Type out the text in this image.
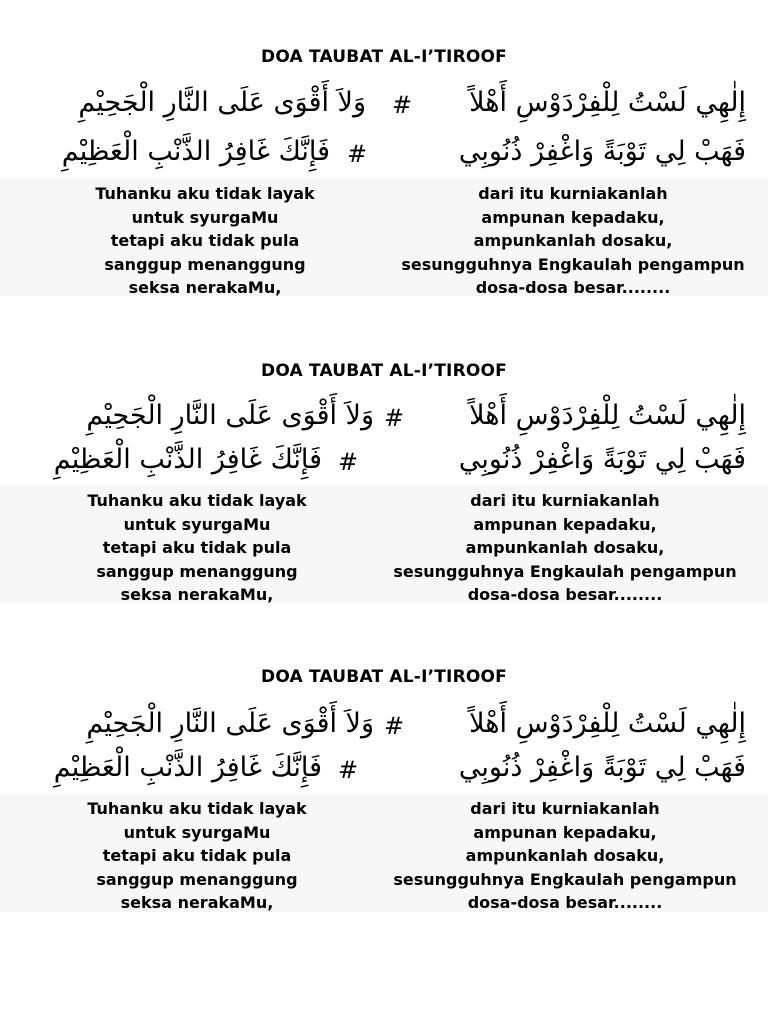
DOA TAUBAT AL-I’TIROOF
إِلٰهِي لَسْتُ لِلْفِرْدَوْسِ أَهْلاً
#
وَلاَ أَقْوَى عَلَى النَّارِ الْجَحِيْمِ
فَهَبْ لِي تَوْبَةً وَاغْفِرْ ذُنُوبِي
#
فَإِنَّكَ غَافِرُ الذَّنْبِ الْعَظِيْمِ
Tuhanku aku tidak layak
untuk syurgaMu
tetapi aku tidak pula
sanggup menanggung
seksa nerakaMu,
dari itu kurniakanlah
ampunan kepadaku,
ampunkanlah dosaku,
sesungguhnya Engkaulah pengampun
dosa-dosa besar........
DOA TAUBAT AL-I’TIROOF
إِلٰهِي لَسْتُ لِلْفِرْدَوْسِ أَهْلاً
#
وَلاَ أَقْوَى عَلَى النَّارِ الْجَحِيْمِ
فَهَبْ لِي تَوْبَةً وَاغْفِرْ ذُنُوبِي
#
فَإِنَّكَ غَافِرُ الذَّنْبِ الْعَظِيْمِ
Tuhanku aku tidak layak
untuk syurgaMu
tetapi aku tidak pula
sanggup menanggung
seksa nerakaMu,
dari itu kurniakanlah
ampunan kepadaku,
ampunkanlah dosaku,
sesungguhnya Engkaulah pengampun
dosa-dosa besar........
DOA TAUBAT AL-I’TIROOF
إِلٰهِي لَسْتُ لِلْفِرْدَوْسِ أَهْلاً
#
وَلاَ أَقْوَى عَلَى النَّارِ الْجَحِيْمِ
فَهَبْ لِي تَوْبَةً وَاغْفِرْ ذُنُوبِي
#
فَإِنَّكَ غَافِرُ الذَّنْبِ الْعَظِيْمِ
Tuhanku aku tidak layak
untuk syurgaMu
tetapi aku tidak pula
sanggup menanggung
seksa nerakaMu,
dari itu kurniakanlah
ampunan kepadaku,
ampunkanlah dosaku,
sesungguhnya Engkaulah pengampun
dosa-dosa besar........
